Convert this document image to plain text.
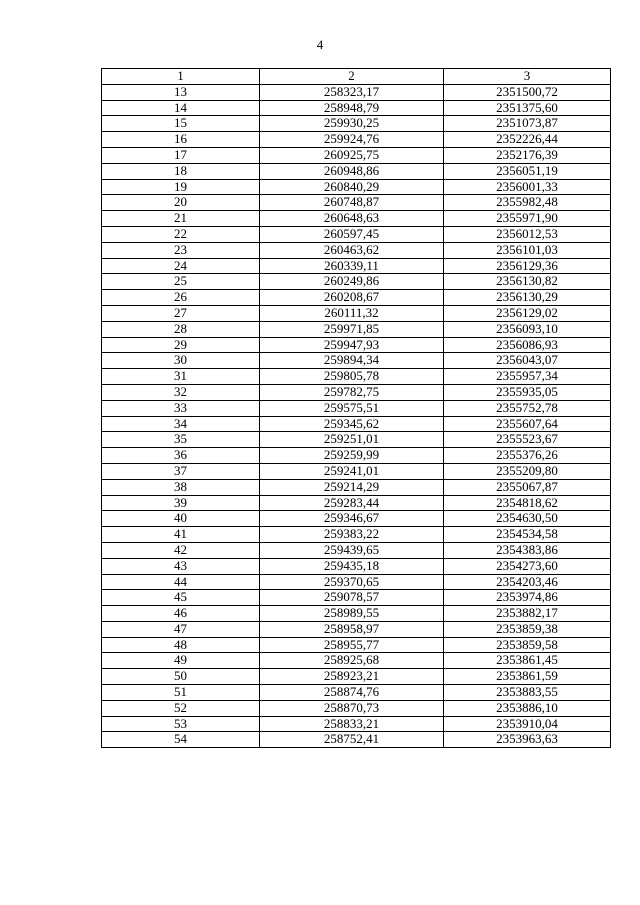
4
1	2	3
13	258323,17	2351500,72
14	258948,79	2351375,60
15	259930,25	2351073,87
16	259924,76	2352226,44
17	260925,75	2352176,39
18	260948,86	2356051,19
19	260840,29	2356001,33
20	260748,87	2355982,48
21	260648,63	2355971,90
22	260597,45	2356012,53
23	260463,62	2356101,03
24	260339,11	2356129,36
25	260249,86	2356130,82
26	260208,67	2356130,29
27	260111,32	2356129,02
28	259971,85	2356093,10
29	259947,93	2356086,93
30	259894,34	2356043,07
31	259805,78	2355957,34
32	259782,75	2355935,05
33	259575,51	2355752,78
34	259345,62	2355607,64
35	259251,01	2355523,67
36	259259,99	2355376,26
37	259241,01	2355209,80
38	259214,29	2355067,87
39	259283,44	2354818,62
40	259346,67	2354630,50
41	259383,22	2354534,58
42	259439,65	2354383,86
43	259435,18	2354273,60
44	259370,65	2354203,46
45	259078,57	2353974,86
46	258989,55	2353882,17
47	258958,97	2353859,38
48	258955,77	2353859,58
49	258925,68	2353861,45
50	258923,21	2353861,59
51	258874,76	2353883,55
52	258870,73	2353886,10
53	258833,21	2353910,04
54	258752,41	2353963,63
